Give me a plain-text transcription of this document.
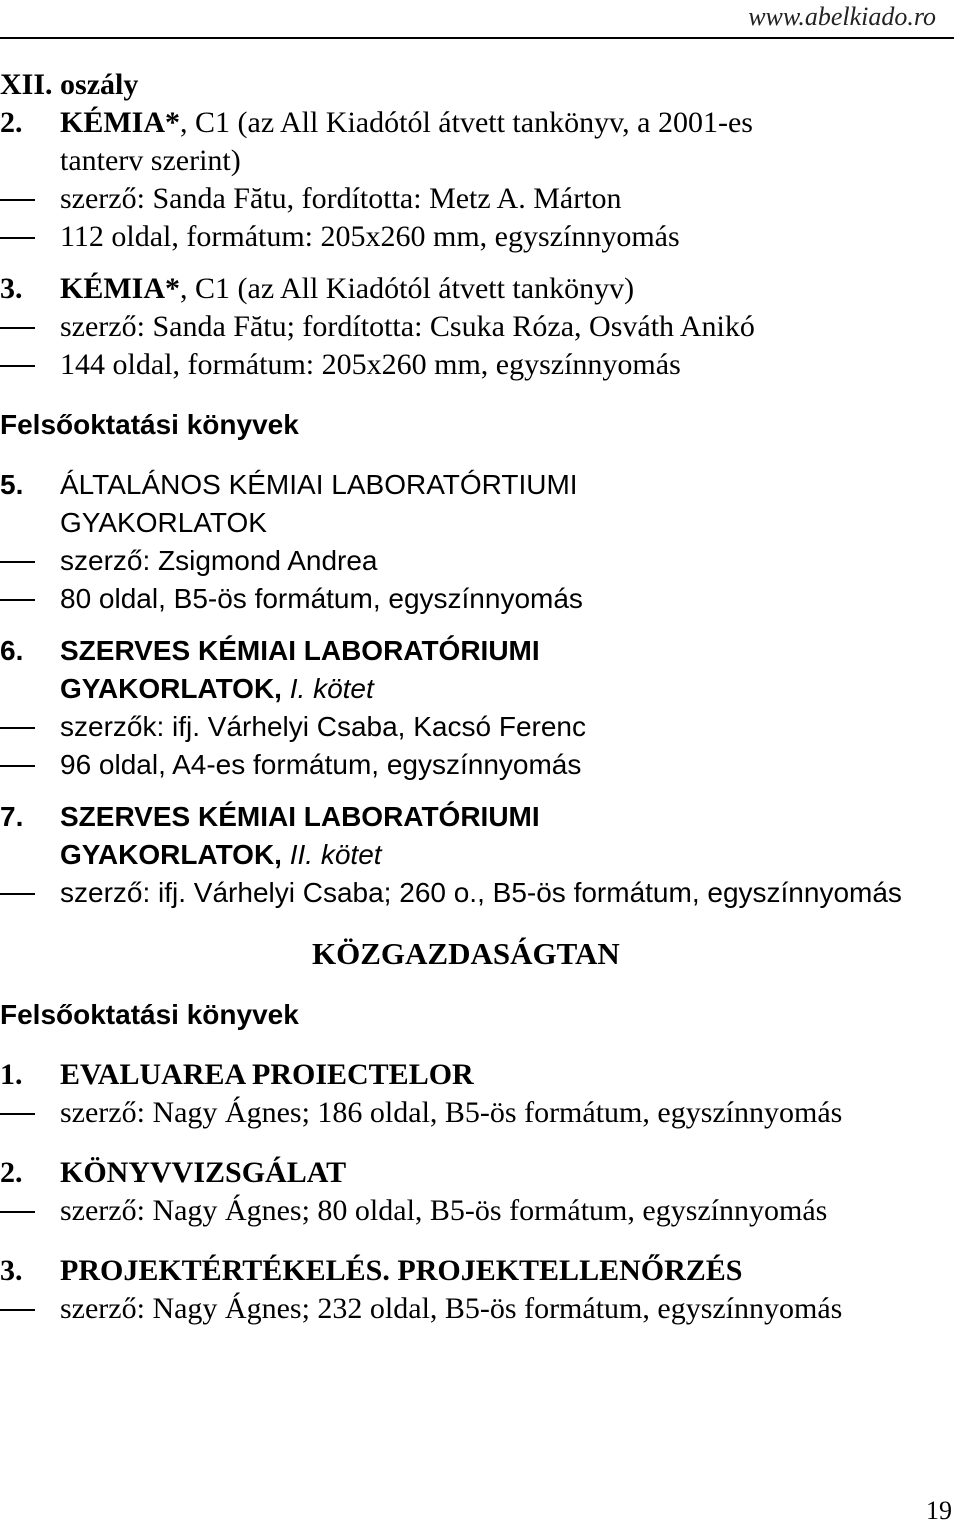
www.abelkiado.ro
XII. oszály
2.	KÉMIA*, C1 (az All Kiadótól átvett tankönyv, a 2001-es
tanterv szerint)
szerző: Sanda Fătu, fordította: Metz A. Márton
112 oldal, formátum: 205x260 mm, egyszínnyomás
3.	KÉMIA*, C1 (az All Kiadótól átvett tankönyv)
szerző: Sanda Fătu; fordította: Csuka Róza, Osváth Anikó
144 oldal, formátum: 205x260 mm, egyszínnyomás
Felsőoktatási könyvek
5.	ÁLTALÁNOS KÉMIAI LABORATÓRTIUMI
GYAKORLATOK
szerző: Zsigmond Andrea
80 oldal, B5-ös formátum, egyszínnyomás
6.	SZERVES KÉMIAI LABORATÓRIUMI
GYAKORLATOK, I. kötet
szerzők: ifj. Várhelyi Csaba, Kacsó Ferenc
96 oldal, A4-es formátum, egyszínnyomás
7.	SZERVES KÉMIAI LABORATÓRIUMI
GYAKORLATOK, II. kötet
szerző: ifj. Várhelyi Csaba; 260 o., B5-ös formátum, egyszínnyomás
KÖZGAZDASÁGTAN
Felsőoktatási könyvek
1.	EVALUAREA PROIECTELOR
szerző: Nagy Ágnes; 186 oldal, B5-ös formátum, egyszínnyomás
2.	KÖNYVVIZSGÁLAT
szerző: Nagy Ágnes; 80 oldal, B5-ös formátum, egyszínnyomás
3.	PROJEKTÉRTÉKELÉS. PROJEKTELLENŐRZÉS
szerző: Nagy Ágnes; 232 oldal, B5-ös formátum, egyszínnyomás
19
